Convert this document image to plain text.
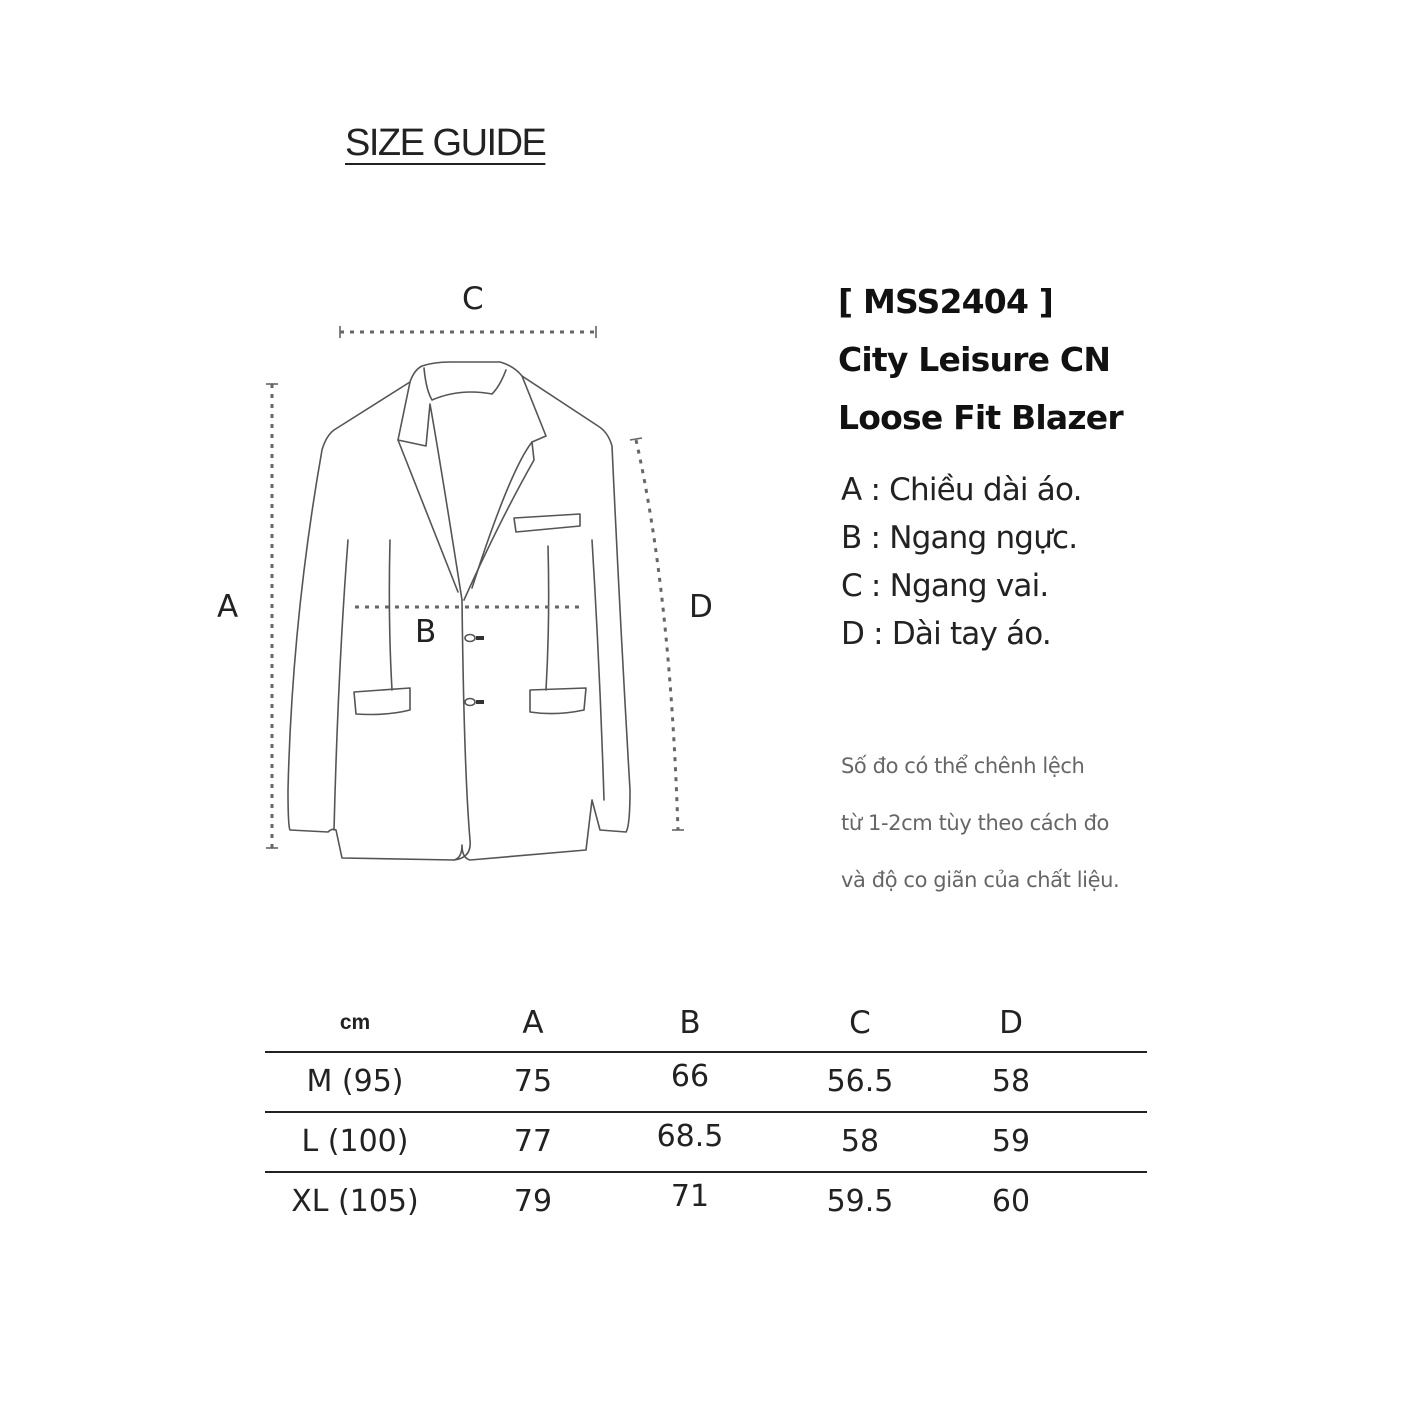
SIZE GUIDE
C
A
B
D
[ MSS2404 ]
City Leisure CN
Loose Fit Blazer
A : Chiều dài áo.
B : Ngang ngực.
C : Ngang vai.
D : Dài tay áo.
Số đo có thể chênh lệch
từ 1-2cm tùy theo cách đo
và độ co giãn của chất liệu.
cm	A	B	C	D
M (95)	75	66	56.5	58
L (100)	77	68.5	58	59
XL (105)	79	71	59.5	60
